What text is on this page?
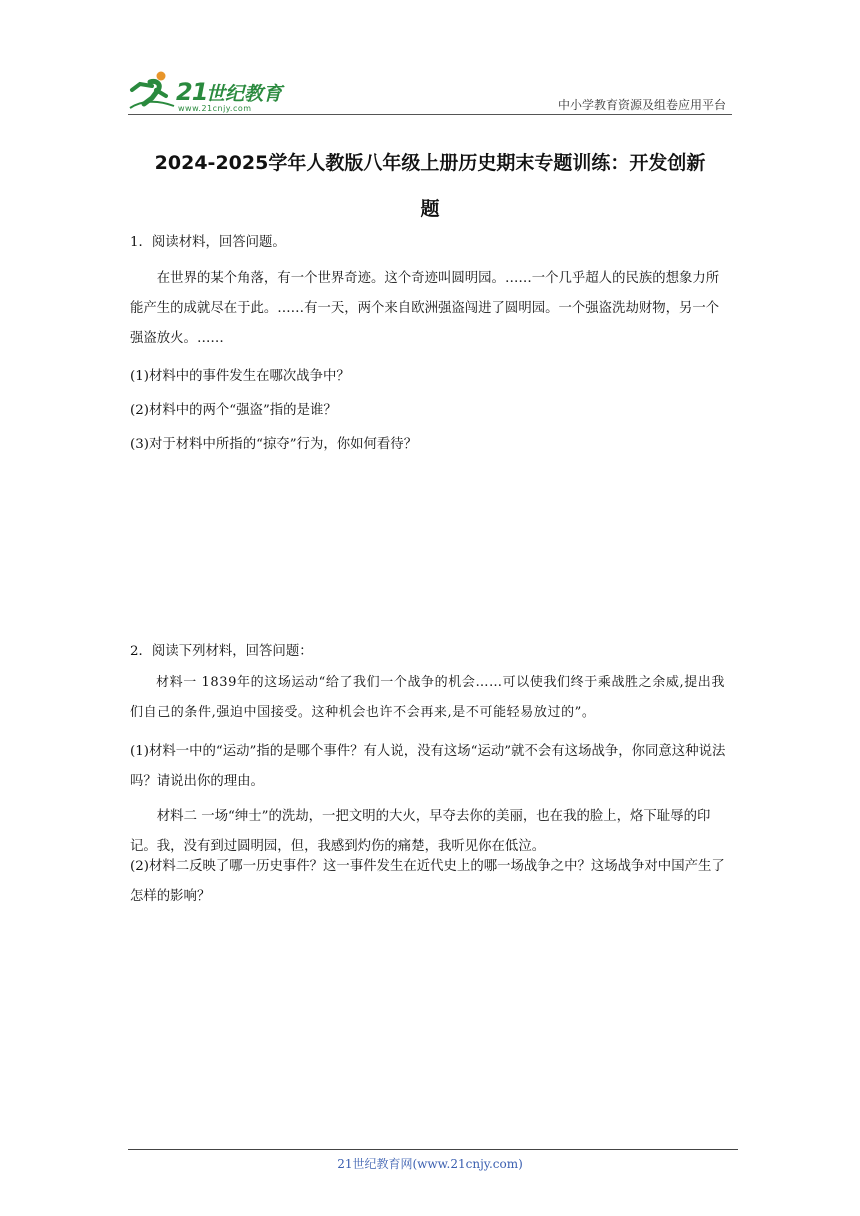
21
世纪教育
www.21cnjy.com	中小学教育资源及组卷应用平台
2024-2025学年人教版八年级上册历史期末专题训练：开发创新
题
1．阅读材料，回答问题。
在世界的某个角落，有一个世界奇迹。这个奇迹叫圆明园。……一个几乎超人的民族的想象力所能产生的成就尽在于此。……有一天，两个来自欧洲强盗闯进了圆明园。一个强盗洗劫财物，另一个强盗放火。……
(1)材料中的事件发生在哪次战争中？
(2)材料中的两个“强盗”指的是谁？
(3)对于材料中所指的“掠夺”行为，你如何看待？
2．阅读下列材料，回答问题：
材料一 1839年的这场运动“给了我们一个战争的机会……可以使我们终于乘战胜之余威,提出我们自己的条件,强迫中国接受。这种机会也许不会再来,是不可能轻易放过的”。
(1)材料一中的“运动”指的是哪个事件？有人说，没有这场“运动”就不会有这场战争，你同意这种说法吗？请说出你的理由。
材料二 一场“绅士”的洗劫，一把文明的大火，早夺去你的美丽，也在我的脸上，烙下耻辱的印记。我，没有到过圆明园，但，我感到灼伤的痛楚，我听见你在低泣。
(2)材料二反映了哪一历史事件？这一事件发生在近代史上的哪一场战争之中？这场战争对中国产生了怎样的影响？
21世纪教育网(www.21cnjy.com)
